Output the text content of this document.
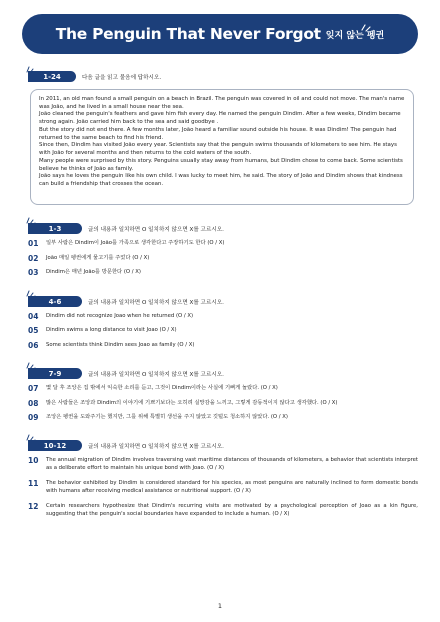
The Penguin That Never Forgot 잊지 않는 펭귄
1-24	다음 글을 읽고 물음에 답하시오.

In 2011, an old man found a small penguin on a beach in Brazil. The penguin was covered in oil and could not move. The man's name was João, and he lived in a small house near the sea.

João cleaned the penguin's feathers and gave him fish every day. He named the penguin Dindim. After a few weeks, Dindim became strong again. João carried him back to the sea and said goodbye .

But the story did not end there. A few months later, João heard a familiar sound outside his house. It was Dindim! The penguin had returned to the same beach to find his friend.

Since then, Dindim has visited João every year. Scientists say that the penguin swims thousands of kilometers to see him. He stays with João for several months and then returns to the cold waters of the south.

Many people were surprised by this story. Penguins usually stay away from humans, but Dindim chose to come back. Some scientists believe he thinks of João as family.

João says he loves the penguin like his own child. I was lucky to meet him, he said. The story of João and Dindim shows that kindness can build a friendship that crosses the ocean.

1-3	글의 내용과 일치하면 O 일치하지 않으면 X를 고르시오.
01	일부 사람은 Dindim이 João를 가족으로 생각한다고 주장하기도 한다 (O / X)
02	João 매일 펭귄에게 물고기를 주었다 (O / X)
03	Dindim은 매년 João를 방문한다 (O / X)
4-6	글의 내용과 일치하면 O 일치하지 않으면 X를 고르시오.
04	Dindim did not recognize Joao when he returned (O / X)
05	Dindim swims a long distance to visit Joao (O / X)
06	Some scientists think Dindim sees Joao as family (O / X)
7-9	글의 내용과 일치하면 O 일치하지 않으면 X를 고르시오.
07	몇 달 후 조앙은 집 밖에서 익숙한 소리를 듣고, 그것이 Dindim이라는 사실에 기뻐게 놀랐다. (O / X)
08	많은 사람들은 조앙과 Dindim의 이야기에 기쁘기보다는 오히려 실망감을 느끼고, 그렇게 감동적이지 않다고 생각했다. (O / X)
09	조앙은 펭귄을 도와주기는 했지만, 그를 위해 특별히 생선을 주지 않았고 깃털도 청소하지 않았다. (O / X)
10-12	글의 내용과 일치하면 O 일치하지 않으면 X를 고르시오.
10	The annual migration of Dindim involves traversing vast maritime distances of thousands of kilometers, a behavior that scientists interpret as a deliberate effort to maintain his unique bond with Joao. (O / X)
11	The behavior exhibited by Dindim is considered standard for his species, as most penguins are naturally inclined to form domestic bonds with humans after receiving medical assistance or nutritional support. (O / X)
12	Certain researchers hypothesize that Dindim's recurring visits are motivated by a psychological perception of Joao as a kin figure, suggesting that the penguin's social boundaries have expanded to include a human. (O / X)
1
